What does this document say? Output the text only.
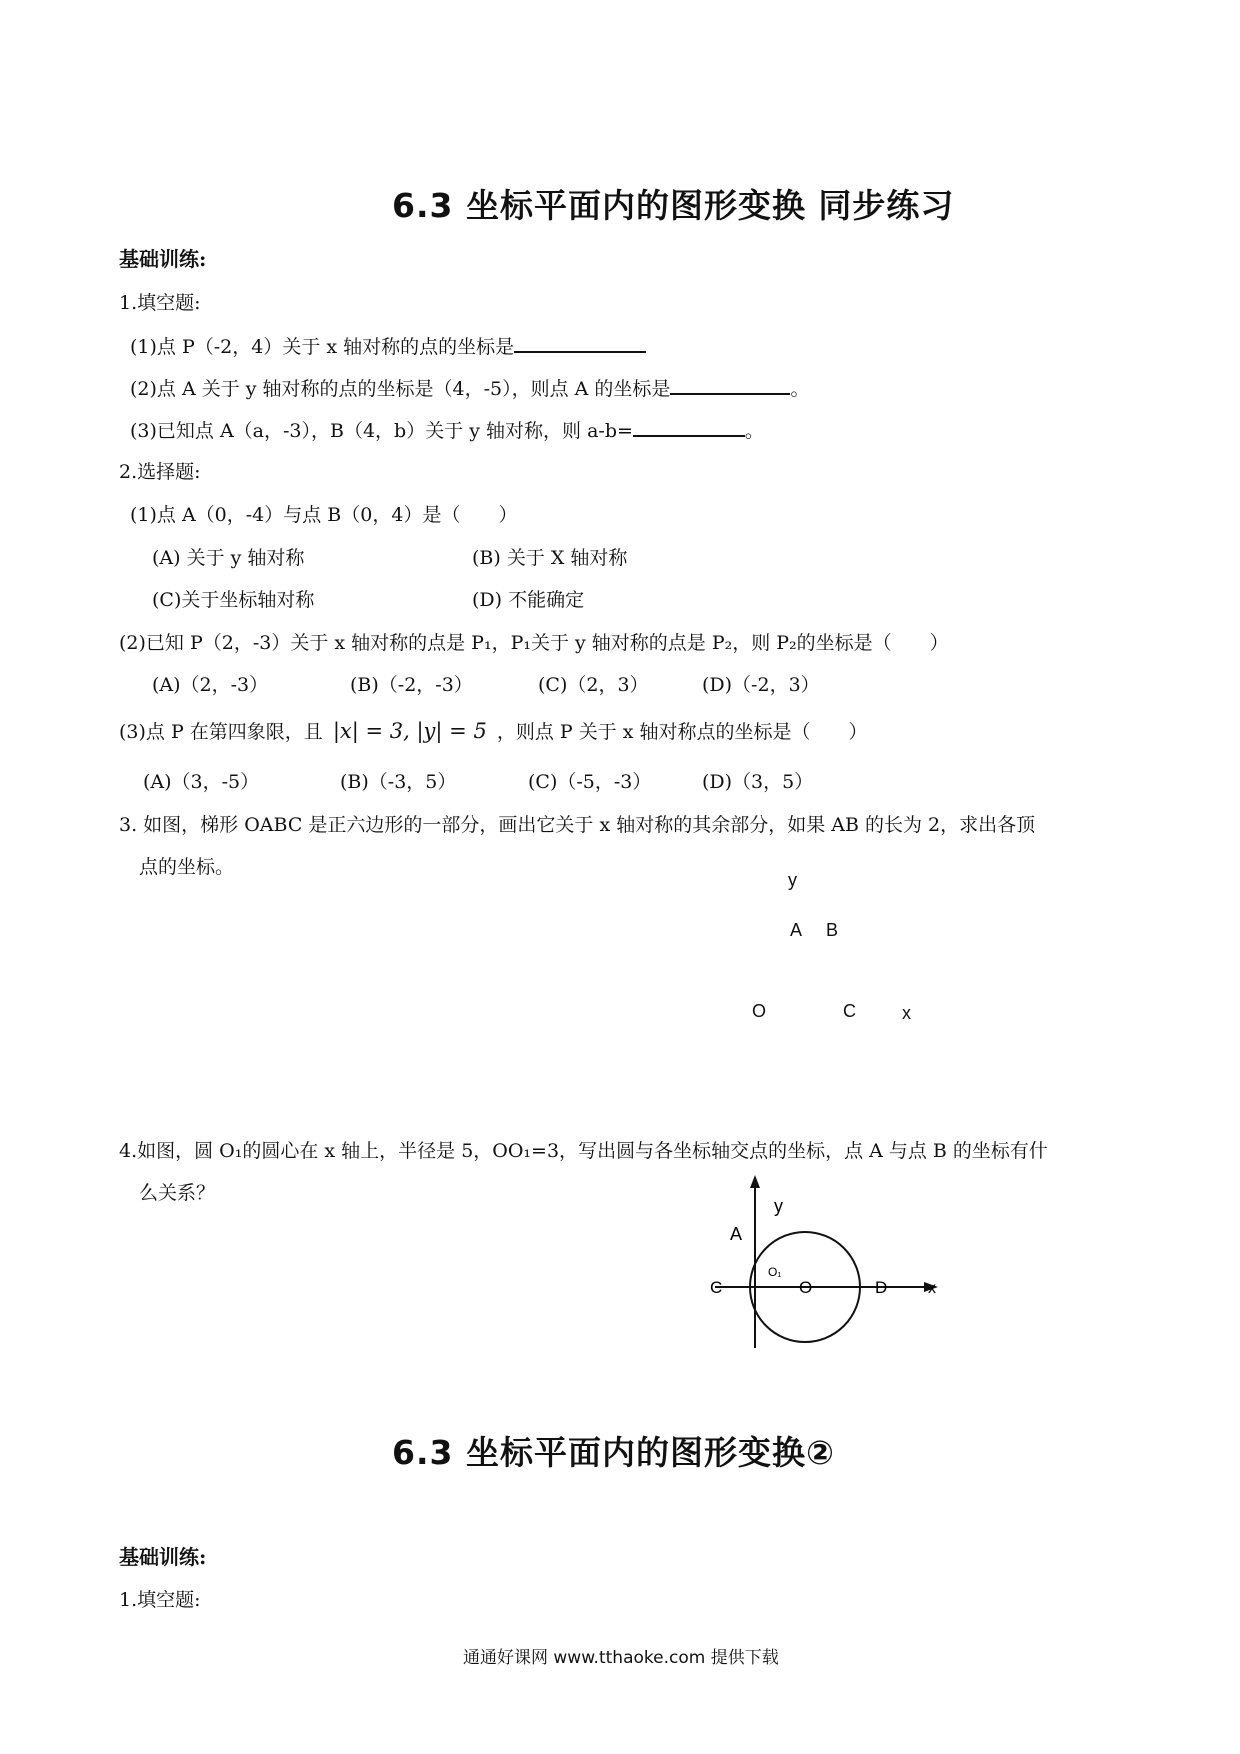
6.3 坐标平面内的图形变换 同步练习
基础训练:
1.填空题:
(1)点 P（-2，4）关于 x 轴对称的点的坐标是
(2)点 A 关于 y 轴对称的点的坐标是（4，-5），则点 A 的坐标是	。
(3)已知点 A（a，-3），B（4，b）关于 y 轴对称，则 a-b=	。
2.选择题:
(1)点 A（0，-4）与点 B（0，4）是（　　）
(A) 关于 y 轴对称	(B) 关于 X 轴对称
(C)关于坐标轴对称	(D) 不能确定
(2)已知 P（2，-3）关于 x 轴对称的点是 P₁，P₁关于 y 轴对称的点是 P₂，则 P₂的坐标是（　　）
(A)（2，-3）	(B)（-2，-3）	(C)（2，3）	(D)（-2，3）
(3)点 P 在第四象限，且 |x| = 3, |y| = 5 ，则点 P 关于 x 轴对称点的坐标是（　　）
(A)（3，-5）	(B)（-3，5）	(C)（-5，-3）	(D)（3，5）
3. 如图，梯形 OABC 是正六边形的一部分，画出它关于 x 轴对称的其余部分，如果 AB 的长为 2，求出各顶
点的坐标。
y
A B
O	C	x
4.如图，圆 O₁的圆心在 x 轴上，半径是 5，OO₁=3，写出圆与各坐标轴交点的坐标，点 A 与点 B 的坐标有什
么关系？
y
A
C
O₁
O	D	x
6.3 坐标平面内的图形变换②
基础训练:
1.填空题:
通通好课网 www.tthaoke.com 提供下载
